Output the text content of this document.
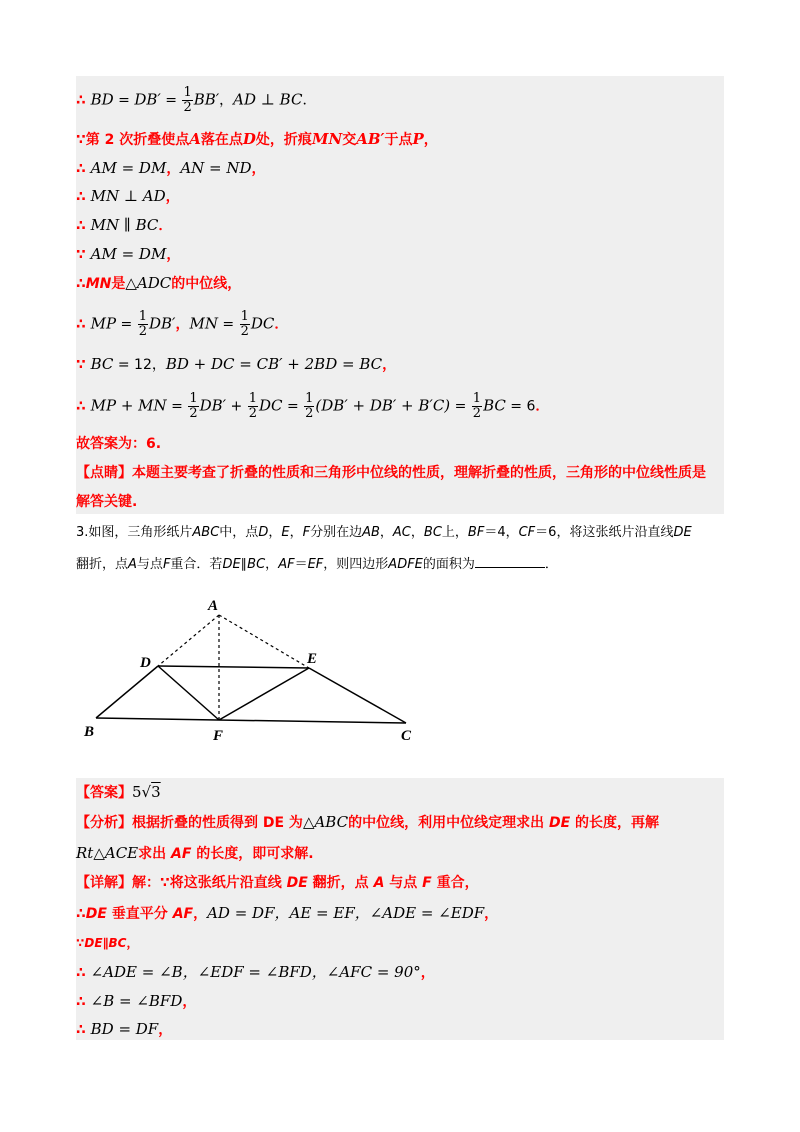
∴ BD = $DB' = \frac{1}{2} BB'$，AD ⊥ BC．
∵第 2 次折叠使点A落在点D处，折痕MN交AB′于点P，
∴ AM = DM，AN = ND，
∴ MN ⊥ AD，
∴ MN ∥ BC．
∵ AM = DM，
∴MN是△ADC的中位线，
∴ MP = $\frac{1}{2} DB'$，MN = $\frac{1}{2}$ DC．
∵ BC = 12，BD + DC = CB′ + 2BD = BC，
∴ MP + MN = $\frac{1}{2} DB' + \frac{1}{2}$ DC = $\frac{1}{2} (DB' + DB' + B'C) = \frac{1}{2}$ BC = 6．
故答案为：6.
【点睛】本题主要考查了折叠的性质和三角形中位线的性质，理解折叠的性质，三角形的中位线性质是
解答关键.
3.如图，三角形纸片ABC中，点D，E，F分别在边AB，AC，BC上，BF＝4，CF＝6，将这张纸片沿直线DE
翻折，点A与点F重合．若DE∥BC，AF＝EF，则四边形ADFE的面积为	．
A
D	E
B	F	C
【答案】5√3
【分析】根据折叠的性质得到 DE 为△ABC的中位线，利用中位线定理求出 DE 的长度，再解
Rt△ACE求出 AF 的长度，即可求解.
【详解】解：∵将这张纸片沿直线 DE 翻折，点 A 与点 F 重合，
∴DE 垂直平分 AF，AD = DF，AE = EF，∠ADE = ∠EDF，
∵DE∥BC，
∴ ∠ADE = ∠B，∠EDF = ∠BFD，∠AFC = 90°，
∴ ∠B = ∠BFD，
∴ BD = DF，
